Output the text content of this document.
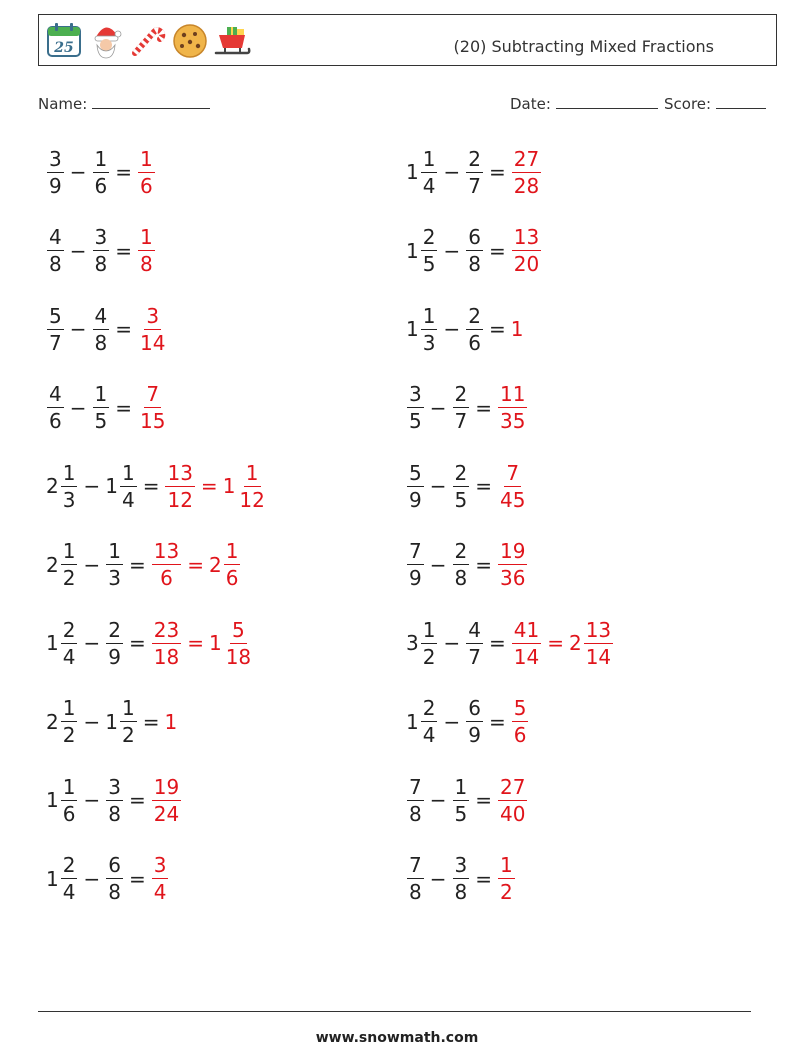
25	(20) Subtracting Mixed Fractions
Name:	Date:	Score:
$\frac{3}{9} - \frac{1}{6} = \frac{1}{6}$	$1 \frac{1}{4} - \frac{2}{7} = \frac{27}{28}$
$\frac{4}{8} - \frac{3}{8} = \frac{1}{8}$	$1 \frac{2}{5} - \frac{6}{8} = \frac{13}{20}$
$\frac{5}{7} - \frac{4}{8} = \frac{3}{14}$	$1 \frac{1}{3} - \frac{2}{6} = 1$
$\frac{4}{6} - \frac{1}{5} = \frac{7}{15}$	$\frac{3}{5} - \frac{2}{7} = \frac{11}{35}$
$2 \frac{1}{3} - 1 \frac{1}{4} = \frac{13}{12} = 1 \frac{1}{12}$	$\frac{5}{9} - \frac{2}{5} = \frac{7}{45}$
$2 \frac{1}{2} - \frac{1}{3} = \frac{13}{6} = 2 \frac{1}{6}$	$\frac{7}{9} - \frac{2}{8} = \frac{19}{36}$
$1 \frac{2}{4} - \frac{2}{9} = \frac{23}{18} = 1 \frac{5}{18}$	$3 \frac{1}{2} - \frac{4}{7} = \frac{41}{14} = 2 \frac{13}{14}$
$2 \frac{1}{2} - 1 \frac{1}{2} = 1$	$1 \frac{2}{4} - \frac{6}{9} = \frac{5}{6}$
$1 \frac{1}{6} - \frac{3}{8} = \frac{19}{24}$	$\frac{7}{8} - \frac{1}{5} = \frac{27}{40}$
$1 \frac{2}{4} - \frac{6}{8} = \frac{3}{4}$	$\frac{7}{8} - \frac{3}{8} = \frac{1}{2}$
www.snowmath.com
